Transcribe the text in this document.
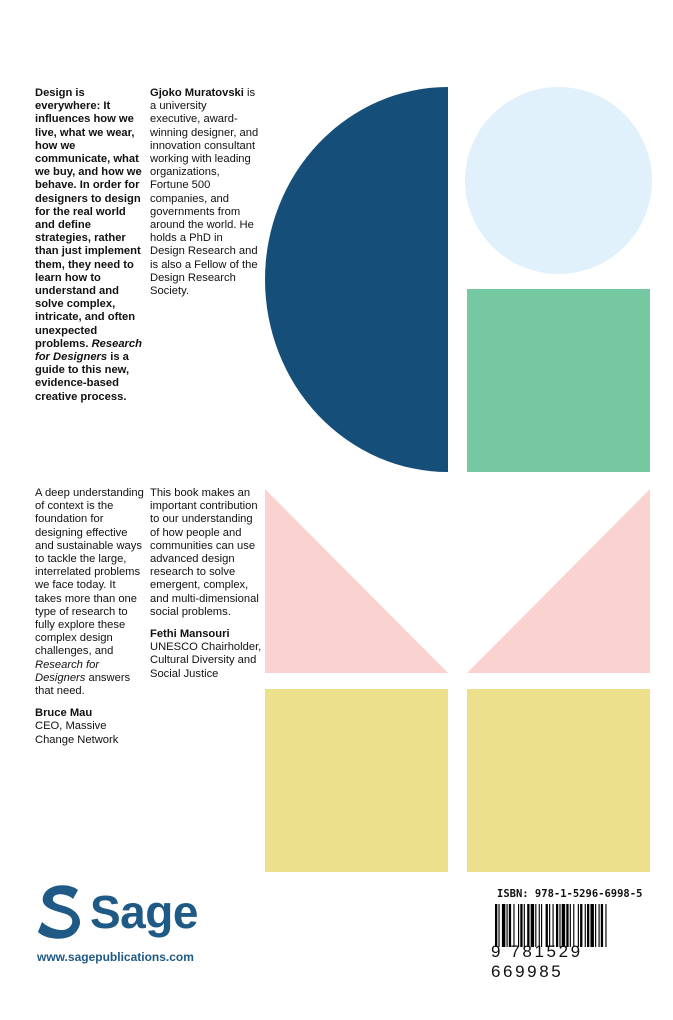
Design is everywhere: It influences how we live, what we wear, how we communicate, what we buy, and how we behave. In order for designers to design for the real world and define strategies, rather than just implement them, they need to learn how to understand and solve complex, intricate, and often unexpected problems. Research for Designers is a guide to this new, evidence-based creative process.
Gjoko Muratovski is a university executive, award-winning designer, and innovation consultant working with leading organizations, Fortune 500 companies, and governments from around the world. He holds a PhD in Design Research and is also a Fellow of the Design Research Society.
A deep understanding of context is the foundation for designing effective and sustainable ways to tackle the large, interrelated problems we face today. It takes more than one type of research to fully explore these complex design challenges, and Research for Designers answers that need.
Bruce Mau
CEO, Massive Change Network
This book makes an important contribution to our understanding of how people and communities can use advanced design research to solve emergent, complex, and multi-dimensional social problems.
Fethi Mansouri
UNESCO Chairholder, Cultural Diversity and Social Justice
Sage
www.sagepublications.com
ISBN: 978-1-5296-6998-5
9 781529 669985
